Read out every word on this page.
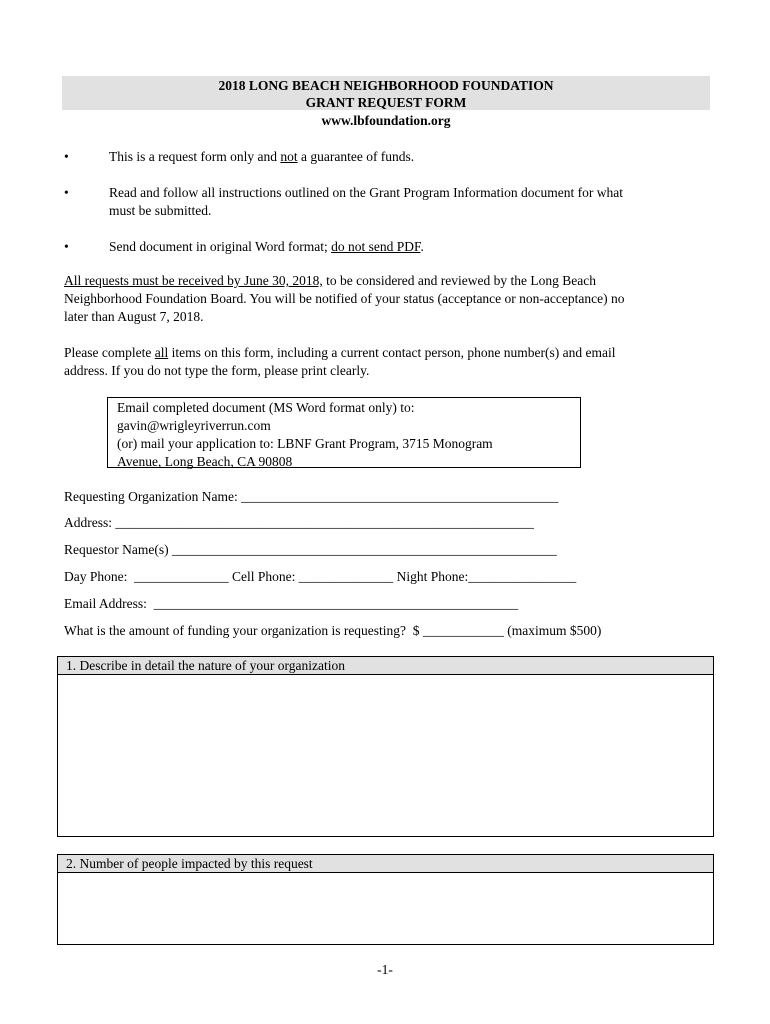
2018 LONG BEACH NEIGHBORHOOD FOUNDATION
GRANT REQUEST FORM
www.lbfoundation.org
•	This is a request form only and not a guarantee of funds.
•	Read and follow all instructions outlined on the Grant Program Information document for what
must be submitted.
•	Send document in original Word format; do not send PDF.
All requests must be received by June 30, 2018, to be considered and reviewed by the Long Beach
Neighborhood Foundation Board. You will be notified of your status (acceptance or non-acceptance) no
later than August 7, 2018.
Please complete all items on this form, including a current contact person, phone number(s) and email
address. If you do not type the form, please print clearly.
Email completed document (MS Word format only) to:
gavin@wrigleyriverrun.com
(or) mail your application to: LBNF Grant Program, 3715 Monogram
Avenue, Long Beach, CA 90808
Requesting Organization Name: _______________________________________________
Address: ______________________________________________________________
Requestor Name(s) _________________________________________________________
Day Phone:  ______________ Cell Phone: ______________ Night Phone:________________
Email Address:  ______________________________________________________
What is the amount of funding your organization is requesting?  $ ____________ (maximum $500)
1. Describe in detail the nature of your organization
2. Number of people impacted by this request
-1-
